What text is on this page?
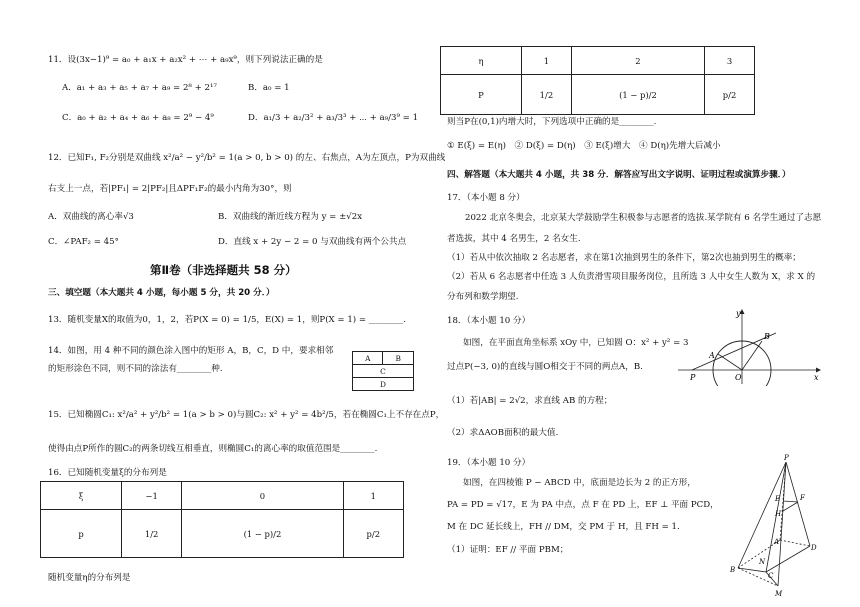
11．设(3x−1)⁹ = a₀ + a₁x + a₂x² + ⋯ + a₉x⁹，则下列说法正确的是
A．a₁ + a₃ + a₅ + a₇ + a₉ = 2⁸ + 2¹⁷	B．a₀ = 1
C．a₀ + a₂ + a₄ + a₆ + a₈ = 2⁹ − 4⁹	D．a₁/3 + a₂/3² + a₃/3³ + ⋯ + a₉/3⁹ = 1
12．已知F₁, F₂分别是双曲线 x²/a² − y²/b² = 1(a > 0, b > 0) 的左、右焦点，A为左顶点，P为双曲线
右支上一点，若|PF₁| = 2|PF₂|且ΔPF₁F₂的最小内角为30°，则
A．双曲线的离心率√3	B．双曲线的渐近线方程为 y = ±√2x
C．∠PAF₂ = 45°	D．直线 x + 2y − 2 = 0 与双曲线有两个公共点
第Ⅱ卷（非选择题共 58 分）
三、填空题（本大题共 4 小题，每小题 5 分，共 20 分．）
13．随机变量X的取值为0，1，2，若P(X = 0) = 1/5，E(X) = 1，则P(X = 1) = ________.
14．如图，用 4 种不同的颜色涂入图中的矩形 A，B，C，D 中，要求相邻
的矩形涂色不同，则不同的涂法有________种.
A	B
C
D
15．已知椭圆C₁: x²/a² + y²/b² = 1(a > b > 0)与圆C₂: x² + y² = 4b²/5，若在椭圆C₁上不存在点P，
使得由点P所作的圆C₂的两条切线互相垂直，则椭圆C₁的离心率的取值范围是________.
16．已知随机变量ξ的分布列是
ξ	−1	0	1
p	1/2	(1 − p)/2	p/2
随机变量η的分布列是
η	1	2	3
P	1/2	(1 − p)/2	p/2
则当P在(0,1)内增大时，下列选项中正确的是________.
① E(ξ) = E(η)　② D(ξ) = D(η)　③ E(ξ)增大　④ D(η)先增大后减小
四、解答题（本大题共 4 小题，共 38 分．解答应写出文字说明、证明过程或演算步骤．）
17．（本小题 8 分）
2022 北京冬奥会，北京某大学鼓励学生积极参与志愿者的选拔.某学院有 6 名学生通过了志愿
者选拔，其中 4 名男生，2 名女生.
（1）若从中依次抽取 2 名志愿者，求在第1次抽到男生的条件下，第2次也抽到男生的概率；
（2）若从 6 名志愿者中任选 3 人负责滑雪项目服务岗位，且所选 3 人中女生人数为 X，求 X 的
分布列和数学期望.
18．（本小题 10 分）
如图，在平面直角坐标系 xOy 中，已知圆 O：x² + y² = 3
过点P(−3, 0)的直线与圆O相交于不同的两点A，B.
（1）若|AB| = 2√2，求直线 AB 的方程；
（2）求ΔAOB面积的最大值.
y
x
O
P
A
B
19．（本小题 10 分）
如图，在四棱锥 P − ABCD 中，底面是边长为 2 的正方形，
PA = PD = √17，E 为 PA 中点，点 F 在 PD 上，EF ⊥ 平面 PCD，
M 在 DC 延长线上，FH // DM，交 PM 于 H，且 FH = 1.
（1）证明：EF // 平面 PBM；
P
E	F
H
A
B
C
D
M
N
